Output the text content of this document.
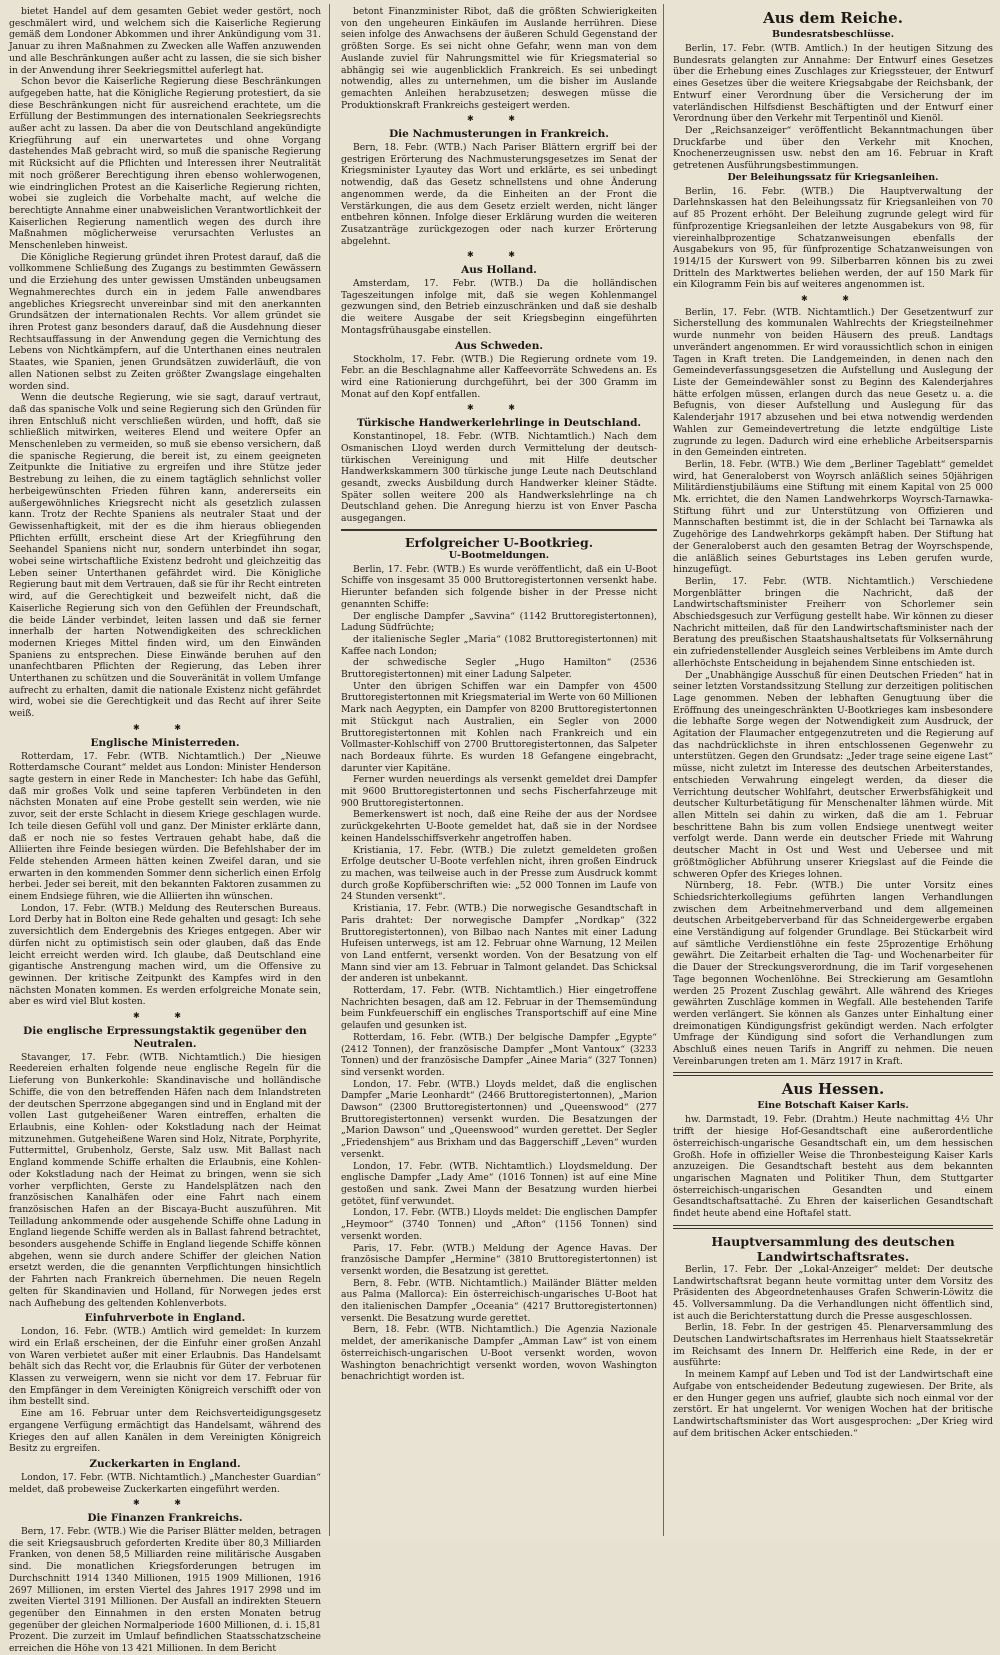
bietet Handel auf dem gesamten Gebiet weder gestört, noch geschmälert wird, und welchem sich die Kaiserliche Regierung gemäß dem Londoner Abkommen und ihrer Ankündigung vom 31. Januar zu ihren Maßnahmen zu Zwecken alle Waffen anzuwenden und alle Beschränkungen außer acht zu lassen, die sie sich bisher in der Anwendung ihrer Seekriegsmittel auferlegt hat.

Schon bevor die Kaiserliche Regierung diese Beschränkungen aufgegeben hatte, hat die Königliche Regierung protestiert, da sie diese Beschränkungen nicht für ausreichend erachtete, um die Erfüllung der Bestimmungen des internationalen Seekriegsrechts außer acht zu lassen. Da aber die von Deutschland angekündigte Kriegführung auf ein unerwartetes und ohne Vorgang dastehendes Maß gebracht wird, so muß die spanische Regierung mit Rücksicht auf die Pflichten und Interessen ihrer Neutralität mit noch größerer Berechtigung ihren ebenso wohlerwogenen, wie eindringlichen Protest an die Kaiserliche Regierung richten, wobei sie zugleich die Vorbehalte macht, auf welche die berechtigte Annahme einer unabweislichen Verantwortlichkeit der Kaiserlichen Regierung namentlich wegen des durch ihre Maßnahmen möglicherweise verursachten Verlustes an Menschenleben hinweist.

Die Königliche Regierung gründet ihren Protest darauf, daß die vollkommene Schließung des Zugangs zu bestimmten Gewässern und die Erziehung des unter gewissen Umständen unbeugsamen Wegnahmerechtes durch ein in jedem Falle anwendbares angebliches Kriegsrecht unvereinbar sind mit den anerkannten Grundsätzen der internationalen Rechts. Vor allem gründet sie ihren Protest ganz besonders darauf, daß die Ausdehnung dieser Rechtsauffassung in der Anwendung gegen die Vernichtung des Lebens von Nichtkämpfern, auf die Unterthanen eines neutralen Staates, wie Spanien, jenen Grundsätzen zuwiderläuft, die von allen Nationen selbst zu Zeiten größter Zwangslage eingehalten worden sind.

Wenn die deutsche Regierung, wie sie sagt, darauf vertraut, daß das spanische Volk und seine Regierung sich den Gründen für ihren Entschluß nicht verschließen würden, und hofft, daß sie schließlich mitwirken, weiteres Elend und weitere Opfer an Menschenleben zu vermeiden, so muß sie ebenso versichern, daß die spanische Regierung, die bereit ist, zu einem geeigneten Zeitpunkte die Initiative zu ergreifen und ihre Stütze jeder Bestrebung zu leihen, die zu einem tagtäglich sehnlichst voller herbeigewünschten Frieden führen kann, andererseits ein außergewöhnliches Kriegsrecht nicht als gesetzlich zulassen kann. Trotz der Rechte Spaniens als neutraler Staat und der Gewissenhaftigkeit, mit der es die ihm hieraus obliegenden Pflichten erfüllt, erscheint diese Art der Kriegführung den Seehandel Spaniens nicht nur, sondern unterbindet ihn sogar, wobei seine wirtschaftliche Existenz bedroht und gleichzeitig das Leben seiner Unterthanen gefährdet wird. Die Königliche Regierung baut mit dem Vertrauen, daß sie für ihr Recht eintreten wird, auf die Gerechtigkeit und bezweifelt nicht, daß die Kaiserliche Regierung sich von den Gefühlen der Freundschaft, die beide Länder verbindet, leiten lassen und daß sie ferner innerhalb der harten Notwendigkeiten des schrecklichen modernen Krieges Mittel finden wird, um den Einwänden Spaniens zu entsprechen. Diese Einwände beruhen auf den unanfechtbaren Pflichten der Regierung, das Leben ihrer Unterthanen zu schützen und die Souveränität in vollem Umfange aufrecht zu erhalten, damit die nationale Existenz nicht gefährdet wird, wobei sie die Gerechtigkeit und das Recht auf ihrer Seite weiß.

✱ ✱
Englische Ministerreden.

Rotterdam, 17. Febr. (WTB. Nichtamtlich.) Der „Nieuwe Rotterdamsche Courant“ meldet aus London: Minister Henderson sagte gestern in einer Rede in Manchester: Ich habe das Gefühl, daß mir großes Volk und seine tapferen Verbündeten in den nächsten Monaten auf eine Probe gestellt sein werden, wie nie zuvor, seit der erste Schlacht in diesem Kriege geschlagen wurde. Ich teile diesen Gefühl voll und ganz. Der Minister erklärte dann, daß er noch nie so festes Vertrauen gehabt habe, daß die Alliierten ihre Feinde besiegen würden. Die Befehlshaber der im Felde stehenden Armeen hätten keinen Zweifel daran, und sie erwarten in den kommenden Sommer denn sicherlich einen Erfolg herbei. Jeder sei bereit, mit den bekannten Faktoren zusammen zu einem Endsiege führen, wie die Alliierten ihn wünschen.

London, 17. Febr. (WTB.) Meldung des Reuterschen Bureaus. Lord Derby hat in Bolton eine Rede gehalten und gesagt: Ich sehe zuversichtlich dem Endergebnis des Krieges entgegen. Aber wir dürfen nicht zu optimistisch sein oder glauben, daß das Ende leicht erreicht werden wird. Ich glaube, daß Deutschland eine gigantische Anstrengung machen wird, um die Offensive zu gewinnen. Der kritische Zeitpunkt des Kampfes wird in den nächsten Monaten kommen. Es werden erfolgreiche Monate sein, aber es wird viel Blut kosten.

✱ ✱
Die englische Erpressungstaktik gegenüber den Neutralen.

Stavanger, 17. Febr. (WTB. Nichtamtlich.) Die hiesigen Reedereien erhalten folgende neue englische Regeln für die Lieferung von Bunkerkohle: Skandinavische und holländische Schiffe, die von den betreffenden Häfen nach dem Inlandstreten der deutschen Sperrzone abgegangen sind und in England mit der vollen Last gutgeheißener Waren eintreffen, erhalten die Erlaubnis, eine Kohlen- oder Kokstladung nach der Heimat mitzunehmen. Gutgeheißene Waren sind Holz, Nitrate, Porphyrite, Futtermittel, Grubenholz, Gerste, Salz usw. Mit Ballast nach England kommende Schiffe erhalten die Erlaubnis, eine Kohlen- oder Kokstladung nach der Heimat zu bringen, wenn sie sich vorher verpflichten, Gerste zu Handelsplätzen nach den französischen Kanalhäfen oder eine Fahrt nach einem französischen Hafen an der Biscaya-Bucht auszuführen. Mit Teilladung ankommende oder ausgehende Schiffe ohne Ladung in England liegende Schiffe werden als in Ballast fahrend betrachtet, besonders ausgehende Schiffe in England liegende Schiffe können abgehen, wenn sie durch andere Schiffer der gleichen Nation ersetzt werden, die die genannten Verpflichtungen hinsichtlich der Fahrten nach Frankreich übernehmen. Die neuen Regeln gelten für Skandinavien und Holland, für Norwegen jedes erst nach Aufhebung des geltenden Kohlenverbots.

Einfuhrverbote in England.

London, 16. Febr. (WTB.) Amtlich wird gemeldet: In kurzem wird ein Erlaß erscheinen, der die Einfuhr einer großen Anzahl von Waren verbietet außer mit einer Erlaubnis. Das Handelsamt behält sich das Recht vor, die Erlaubnis für Güter der verbotenen Klassen zu verweigern, wenn sie nicht vor dem 17. Februar für den Empfänger in dem Vereinigten Königreich verschifft oder von ihm bestellt sind.

Eine am 16. Februar unter dem Reichsverteidigungsgesetz ergangene Verfügung ermächtigt das Handelsamt, während des Krieges den auf allen Kanälen in dem Vereinigten Königreich Besitz zu ergreifen.

Zuckerkarten in England.

London, 17. Febr. (WTB. Nichtamtlich.) „Manchester Guardian“ meldet, daß probeweise Zuckerkarten eingeführt werden.

✱ ✱
Die Finanzen Frankreichs.

Bern, 17. Febr. (WTB.) Wie die Pariser Blätter melden, betragen die seit Kriegsausbruch geforderten Kredite über 80,3 Milliarden Franken, von denen 58,5 Milliarden reine militärische Ausgaben sind. Die monatlichen Kriegsforderungen betrugen im Durchschnitt 1914 1340 Millionen, 1915 1909 Millionen, 1916 2697 Millionen, im ersten Viertel des Jahres 1917 2998 und im zweiten Viertel 3191 Millionen. Der Ausfall an indirekten Steuern gegenüber den Einnahmen in den ersten Monaten betrug gegenüber der gleichen Normalperiode 1600 Millionen, d. i. 15,81 Prozent. Die zurzeit im Umlauf befindlichen Staatsschatzscheine erreichen die Höhe von 13 421 Millionen. In dem Bericht

betont Finanzminister Ribot, daß die größten Schwierigkeiten von den ungeheuren Einkäufen im Auslande herrühren. Diese seien infolge des Anwachsens der äußeren Schuld Gegenstand der größten Sorge. Es sei nicht ohne Gefahr, wenn man von dem Auslande zuviel für Nahrungsmittel wie für Kriegsmaterial so abhängig sei wie augenblicklich Frankreich. Es sei unbedingt notwendig, alles zu unternehmen, um die bisher im Auslande gemachten Anleihen herabzusetzen; deswegen müsse die Produktionskraft Frankreichs gesteigert werden.

✱ ✱
Die Nachmusterungen in Frankreich.

Bern, 18. Febr. (WTB.) Nach Pariser Blättern ergriff bei der gestrigen Erörterung des Nachmusterungsgesetzes im Senat der Kriegsminister Lyautey das Wort und erklärte, es sei unbedingt notwendig, daß das Gesetz schnellstens und ohne Änderung angenommen werde, da die Einheiten an der Front die Verstärkungen, die aus dem Gesetz erzielt werden, nicht länger entbehren können. Infolge dieser Erklärung wurden die weiteren Zusatzanträge zurückgezogen oder nach kurzer Erörterung abgelehnt.

✱ ✱
Aus Holland.

Amsterdam, 17. Febr. (WTB.) Da die holländischen Tageszeitungen infolge mit, daß sie wegen Kohlenmangel gezwungen sind, den Betrieb einzuschränken und daß sie deshalb die weitere Ausgabe der seit Kriegsbeginn eingeführten Montagsfrühausgabe einstellen.

Aus Schweden.

Stockholm, 17. Febr. (WTB.) Die Regierung ordnete vom 19. Febr. an die Beschlagnahme aller Kaffeevorräte Schwedens an. Es wird eine Rationierung durchgeführt, bei der 300 Gramm im Monat auf den Kopf entfallen.

✱ ✱
Türkische Handwerkerlehrlinge in Deutschland.

Konstantinopel, 18. Febr. (WTB. Nichtamtlich.) Nach dem Osmanischen Lloyd werden durch Vermittelung der deutsch-türkischen Vereinigung und mit Hilfe deutscher Handwerkskammern 300 türkische junge Leute nach Deutschland gesandt, zwecks Ausbildung durch Handwerker kleiner Städte. Später sollen weitere 200 als Handwerkslehrlinge na ch Deutschland gehen. Die Anregung hierzu ist von Enver Pascha ausgegangen.

Erfolgreicher U-Bootkrieg.
U-Bootmeldungen.

Berlin, 17. Febr. (WTB.) Es wurde veröffentlicht, daß ein U-Boot Schiffe von insgesamt 35 000 Bruttoregistertonnen versenkt habe. Hierunter befanden sich folgende bisher in der Presse nicht genannten Schiffe:

Der englische Dampfer „Savvina“ (1142 Bruttoregistertonnen), Ladung Südfrüchte;

der italienische Segler „Maria“ (1082 Bruttoregistertonnen) mit Kaffee nach London;

der schwedische Segler „Hugo Hamilton“ (2536 Bruttoregistertonnen) mit einer Ladung Salpeter.

Unter den übrigen Schiffen war ein Dampfer von 4500 Bruttoregistertonnen mit Kriegsmaterial im Werte von 60 Millionen Mark nach Aegypten, ein Dampfer von 8200 Bruttoregistertonnen mit Stückgut nach Australien, ein Segler von 2000 Bruttoregistertonnen mit Kohlen nach Frankreich und ein Vollmaster-Kohlschiff von 2700 Bruttoregistertonnen, das Salpeter nach Bordeaux führte. Es wurden 18 Gefangene eingebracht, darunter vier Kapitäne.

Ferner wurden neuerdings als versenkt gemeldet drei Dampfer mit 9600 Bruttoregistertonnen und sechs Fischerfahrzeuge mit 900 Bruttoregistertonnen.

Bemerkenswert ist noch, daß eine Reihe der aus der Nordsee zurückgekehrten U-Boote gemeldet hat, daß sie in der Nordsee keinen Handelsschiffsverkehr angetroffen haben.

Kristiania, 17. Febr. (WTB.) Die zuletzt gemeldeten großen Erfolge deutscher U-Boote verfehlen nicht, ihren großen Eindruck zu machen, was teilweise auch in der Presse zum Ausdruck kommt durch große Kopfüberschriften wie: „52 000 Tonnen im Laufe von 24 Stunden versenkt“.

Kristiania, 17. Febr. (WTB.) Die norwegische Gesandtschaft in Paris drahtet: Der norwegische Dampfer „Nordkap“ (322 Bruttoregistertonnen), von Bilbao nach Nantes mit einer Ladung Hufeisen unterwegs, ist am 12. Februar ohne Warnung, 12 Meilen von Land entfernt, versenkt worden. Von der Besatzung von elf Mann sind vier am 13. Februar in Talmont gelandet. Das Schicksal der anderen ist unbekannt.

Rotterdam, 17. Febr. (WTB. Nichtamtlich.) Hier eingetroffene Nachrichten besagen, daß am 12. Februar in der Themsemündung beim Funkfeuerschiff ein englisches Transportschiff auf eine Mine gelaufen und gesunken ist.

Rotterdam, 16. Febr. (WTB.) Der belgische Dampfer „Egypte“ (2412 Tonnen), der französische Dampfer „Mont Vantoux“ (3233 Tonnen) und der französische Dampfer „Ainee Maria“ (327 Tonnen) sind versenkt worden.

London, 17. Febr. (WTB.) Lloyds meldet, daß die englischen Dampfer „Marie Leonhardt“ (2466 Bruttoregistertonnen), „Marion Dawson“ (2300 Bruttoregistertonnen) und „Queenswood“ (277 Bruttoregistertonnen) versenkt wurden. Die Besatzungen der „Marion Dawson“ und „Queenswood“ wurden gerettet. Der Segler „Friedenshjem“ aus Brixham und das Baggerschiff „Leven“ wurden versenkt.

London, 17. Febr. (WTB. Nichtamtlich.) Lloydsmeldung. Der englische Dampfer „Lady Ame“ (1016 Tonnen) ist auf eine Mine gestoßen und sank. Zwei Mann der Besatzung wurden hierbei getötet, fünf verwundet.

London, 17. Febr. (WTB.) Lloyds meldet: Die englischen Dampfer „Heymoor“ (3740 Tonnen) und „Afton“ (1156 Tonnen) sind versenkt worden.

Paris, 17. Febr. (WTB.) Meldung der Agence Havas. Der französische Dampfer „Hermine“ (3810 Bruttoregistertonnen) ist versenkt worden, die Besatzung ist gerettet.

Bern, 8. Febr. (WTB. Nichtamtlich.) Mailänder Blätter melden aus Palma (Mallorca): Ein österreichisch-ungarisches U-Boot hat den italienischen Dampfer „Oceania“ (4217 Bruttoregistertonnen) versenkt. Die Besatzung wurde gerettet.

Bern, 18. Febr. (WTB. Nichtamtlich.) Die Agenzia Nazionale meldet, der amerikanische Dampfer „Amman Law“ ist von einem österreichisch-ungarischen U-Boot versenkt worden, wovon Washington benachrichtigt versenkt worden, wovon Washington benachrichtigt worden ist.

Aus dem Reiche.
Bundesratsbeschlüsse.

Berlin, 17. Febr. (WTB. Amtlich.) In der heutigen Sitzung des Bundesrats gelangten zur Annahme: Der Entwurf eines Gesetzes über die Erhebung eines Zuschlages zur Kriegssteuer, der Entwurf eines Gesetzes über die weitere Kriegsabgabe der Reichsbank, der Entwurf einer Verordnung über die Versicherung der im vaterländischen Hilfsdienst Beschäftigten und der Entwurf einer Verordnung über den Verkehr mit Terpentinöl und Kienöl.

Der „Reichsanzeiger“ veröffentlicht Bekanntmachungen über Druckfarbe und über den Verkehr mit Knochen, Knochenerzeugnissen usw. nebst den am 16. Februar in Kraft getretenen Ausführungsbestimmungen.

Der Beleihungssatz für Kriegsanleihen.

Berlin, 16. Febr. (WTB.) Die Hauptverwaltung der Darlehnskassen hat den Beleihungssatz für Kriegsanleihen von 70 auf 85 Prozent erhöht. Der Beleihung zugrunde gelegt wird für fünfprozentige Kriegsanleihen der letzte Ausgabekurs von 98, für viereinhalbprozentige Schatzanweisungen ebenfalls der Ausgabekurs von 95, für fünfprozentige Schatzanweisungen von 1914/15 der Kurswert von 99. Silberbarren können bis zu zwei Dritteln des Marktwertes beliehen werden, der auf 150 Mark für ein Kilogramm Fein bis auf weiteres angenommen ist.

✱ ✱

Berlin, 17. Febr. (WTB. Nichtamtlich.) Der Gesetzentwurf zur Sicherstellung des kommunalen Wahlrechts der Kriegsteilnehmer wurde nunmehr von beiden Häusern des preuß. Landtags unverändert angenommen. Er wird voraussichtlich schon in einigen Tagen in Kraft treten. Die Landgemeinden, in denen nach den Gemeindeverfassungsgesetzen die Aufstellung und Auslegung der Liste der Gemeindewähler sonst zu Beginn des Kalenderjahres hätte erfolgen müssen, erlangen durch das neue Gesetz u. a. die Befugnis, von dieser Aufstellung und Auslegung für das Kalenderjahr 1917 abzusehen und bei etwa notwendig werdenden Wahlen zur Gemeindevertretung die letzte endgültige Liste zugrunde zu legen. Dadurch wird eine erhebliche Arbeitsersparnis in den Gemeinden eintreten.

Berlin, 18. Febr. (WTB.) Wie dem „Berliner Tageblatt“ gemeldet wird, hat Generaloberst von Woyrsch anläßlich seines 50jährigen Militärdienstjubiläums eine Stiftung mit einem Kapital von 25 000 Mk. errichtet, die den Namen Landwehrkorps Woyrsch-Tarnawka-Stiftung führt und zur Unterstützung von Offizieren und Mannschaften bestimmt ist, die in der Schlacht bei Tarnawka als Zugehörige des Landwehrkorps gekämpft haben. Der Stiftung hat der Generaloberst auch den gesamten Betrag der Woyrschspende, die anläßlich seines Geburtstages ins Leben gerufen wurde, hinzugefügt.

Berlin, 17. Febr. (WTB. Nichtamtlich.) Verschiedene Morgenblätter bringen die Nachricht, daß der Landwirtschaftsminister Freiherr von Schorlemer sein Abschiedsgesuch zur Verfügung gestellt habe. Wir können zu dieser Nachricht mitteilen, daß für den Landwirtschaftsminister nach der Beratung des preußischen Staatshaushaltsetats für Volksernährung ein zufriedenstellender Ausgleich seines Verbleibens im Amte durch allerhöchste Entscheidung in bejahendem Sinne entschieden ist.

Der „Unabhängige Ausschuß für einen Deutschen Frieden“ hat in seiner letzten Vorstandssitzung Stellung zur derzeitigen politischen Lage genommen. Neben der lebhaften Genugtuung über die Eröffnung des uneingeschränkten U-Bootkrieges kam insbesondere die lebhafte Sorge wegen der Notwendigkeit zum Ausdruck, der Agitation der Flaumacher entgegenzutreten und die Regierung auf das nachdrücklichste in ihren entschlossenen Gegenwehr zu unterstützen. Gegen den Grundsatz: „Jeder trage seine eigene Last“ müsse, nicht zuletzt im Interesse des deutschen Arbeiterstandes, entschieden Verwahrung eingelegt werden, da dieser die Verrichtung deutscher Wohlfahrt, deutscher Erwerbsfähigkeit und deutscher Kulturbetätigung für Menschenalter lähmen würde. Mit allen Mitteln sei dahin zu wirken, daß die am 1. Februar beschrittene Bahn bis zum vollen Endsiege unentwegt weiter verfolgt werde. Dann werde ein deutscher Friede mit Wahrung deutscher Macht in Ost und West und Uebersee und mit größtmöglicher Abführung unserer Kriegslast auf die Feinde die schweren Opfer des Krieges lohnen.

Nürnberg, 18. Febr. (WTB.) Die unter Vorsitz eines Schiedsrichterkollegiums geführten langen Verhandlungen zwischen dem Arbeitnehmerverband und dem allgemeinen deutschen Arbeitgeberverband für das Schneidergewerbe ergaben eine Verständigung auf folgender Grundlage. Bei Stückarbeit wird auf sämtliche Verdienstlöhne ein feste 25prozentige Erhöhung gewährt. Die Zeitarbeit erhalten die Tag- und Wochenarbeiter für die Dauer der Streckungsverordnung, die im Tarif vorgesehenen Tage begonnen Wochenlöhne. Bei Streckierung am Gesamtlohn werden 25 Prozent Zuschlag gewährt. Alle während des Krieges gewährten Zuschläge kommen in Wegfall. Alle bestehenden Tarife werden verlängert. Sie können als Ganzes unter Einhaltung einer dreimonatigen Kündigungsfrist gekündigt werden. Nach erfolgter Umfrage der Kündigung sind sofort die Verhandlungen zum Abschluß eines neuen Tarifs in Angriff zu nehmen. Die neuen Vereinbarungen treten am 1. März 1917 in Kraft.

Aus Hessen.
Eine Botschaft Kaiser Karls.

hw. Darmstadt, 19. Febr. (Drahtm.) Heute nachmittag 4½ Uhr trifft der hiesige Hof-Gesandtschaft eine außerordentliche österreichisch-ungarische Gesandtschaft ein, um dem hessischen Großh. Hofe in offizieller Weise die Thronbesteigung Kaiser Karls anzuzeigen. Die Gesandtschaft besteht aus dem bekannten ungarischen Magnaten und Politiker Thun, dem Stuttgarter österreichisch-ungarischen Gesandten und einem Gesandtschaftsattaché. Zu Ehren der kaiserlichen Gesandtschaft findet heute abend eine Hoftafel statt.

Hauptversammlung des deutschen Landwirtschaftsrates.

Berlin, 17. Febr. Der „Lokal-Anzeiger“ meldet: Der deutsche Landwirtschaftsrat begann heute vormittag unter dem Vorsitz des Präsidenten des Abgeordnetenhauses Grafen Schwerin-Löwitz die 45. Vollversammlung. Da die Verhandlungen nicht öffentlich sind, ist auch die Berichterstattung durch die Presse ausgeschlossen.

Berlin, 18. Febr. In der gestrigen 45. Plenarversammlung des Deutschen Landwirtschaftsrates im Herrenhaus hielt Staatssekretär im Reichsamt des Innern Dr. Helfferich eine Rede, in der er ausführte:

In meinem Kampf auf Leben und Tod ist der Landwirtschaft eine Aufgabe von entscheidender Bedeutung zugewiesen. Der Brite, als er den Hunger gegen uns aufrief, glaubte sich noch einmal vor der zerstört. Er hat ungelernt. Vor wenigen Wochen hat der britische Landwirtschaftsminister das Wort ausgesprochen: „Der Krieg wird auf dem britischen Acker entschieden.“
